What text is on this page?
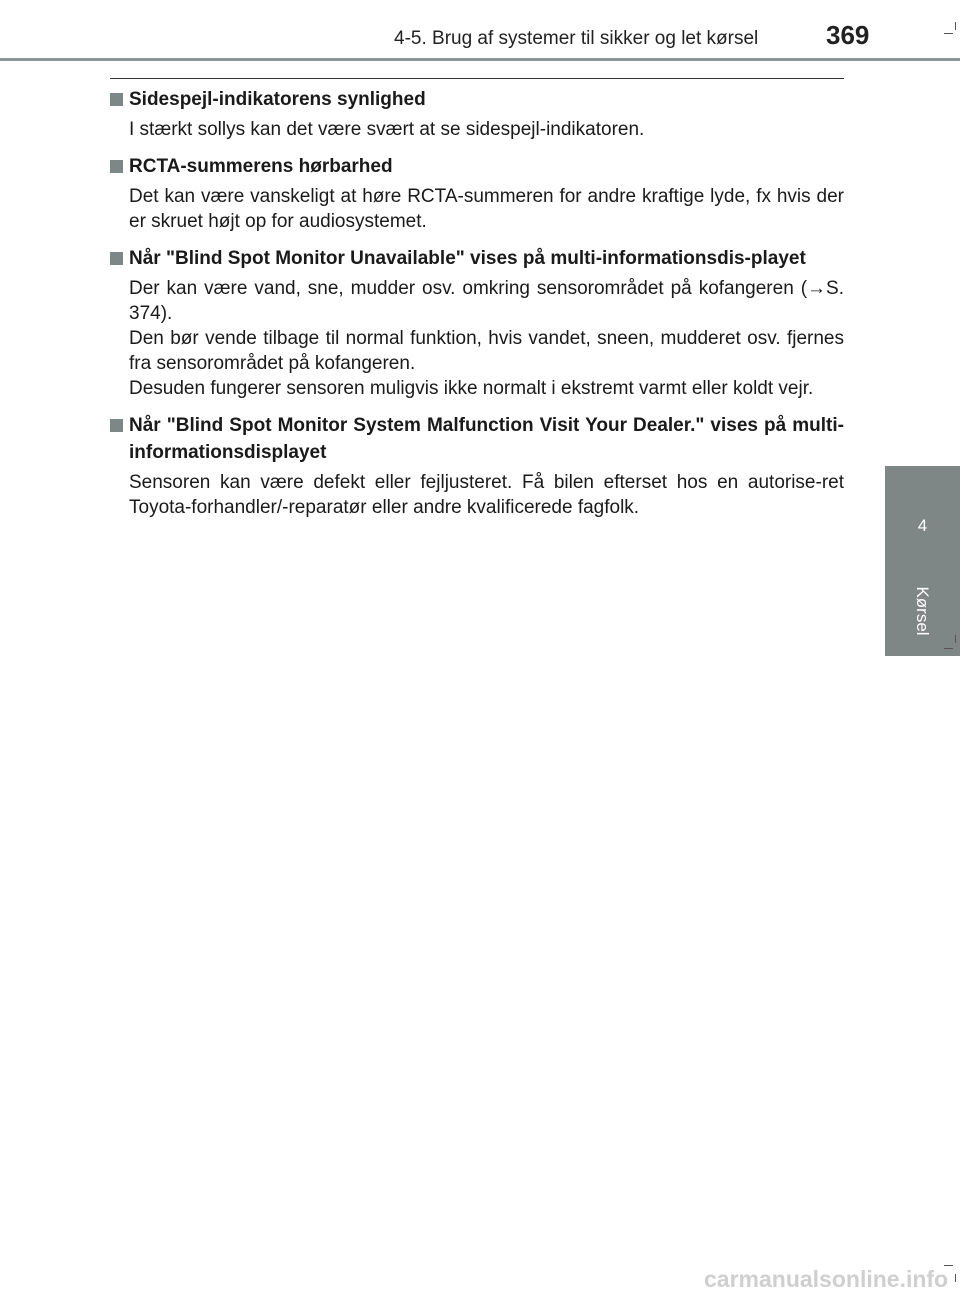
4-5. Brug af systemer til sikker og let kørsel	369
Sidespejl-indikatorens synlighed
I stærkt sollys kan det være svært at se sidespejl-indikatoren.
RCTA-summerens hørbarhed
Det kan være vanskeligt at høre RCTA-summeren for andre kraftige lyde, fx hvis der er skruet højt op for audiosystemet.
Når "Blind Spot Monitor Unavailable" vises på multi-informationsdis-playet
Der kan være vand, sne, mudder osv. omkring sensorområdet på kofangeren (→S. 374).
Den bør vende tilbage til normal funktion, hvis vandet, sneen, mudderet osv. fjernes fra sensorområdet på kofangeren.
Desuden fungerer sensoren muligvis ikke normalt i ekstremt varmt eller koldt vejr.
Når "Blind Spot Monitor System Malfunction Visit Your Dealer." vises på multi-informationsdisplayet
Sensoren kan være defekt eller fejljusteret. Få bilen efterset hos en autorise-ret Toyota-forhandler/-reparatør eller andre kvalificerede fagfolk.
4
Kørsel
carmanualsonline.info
